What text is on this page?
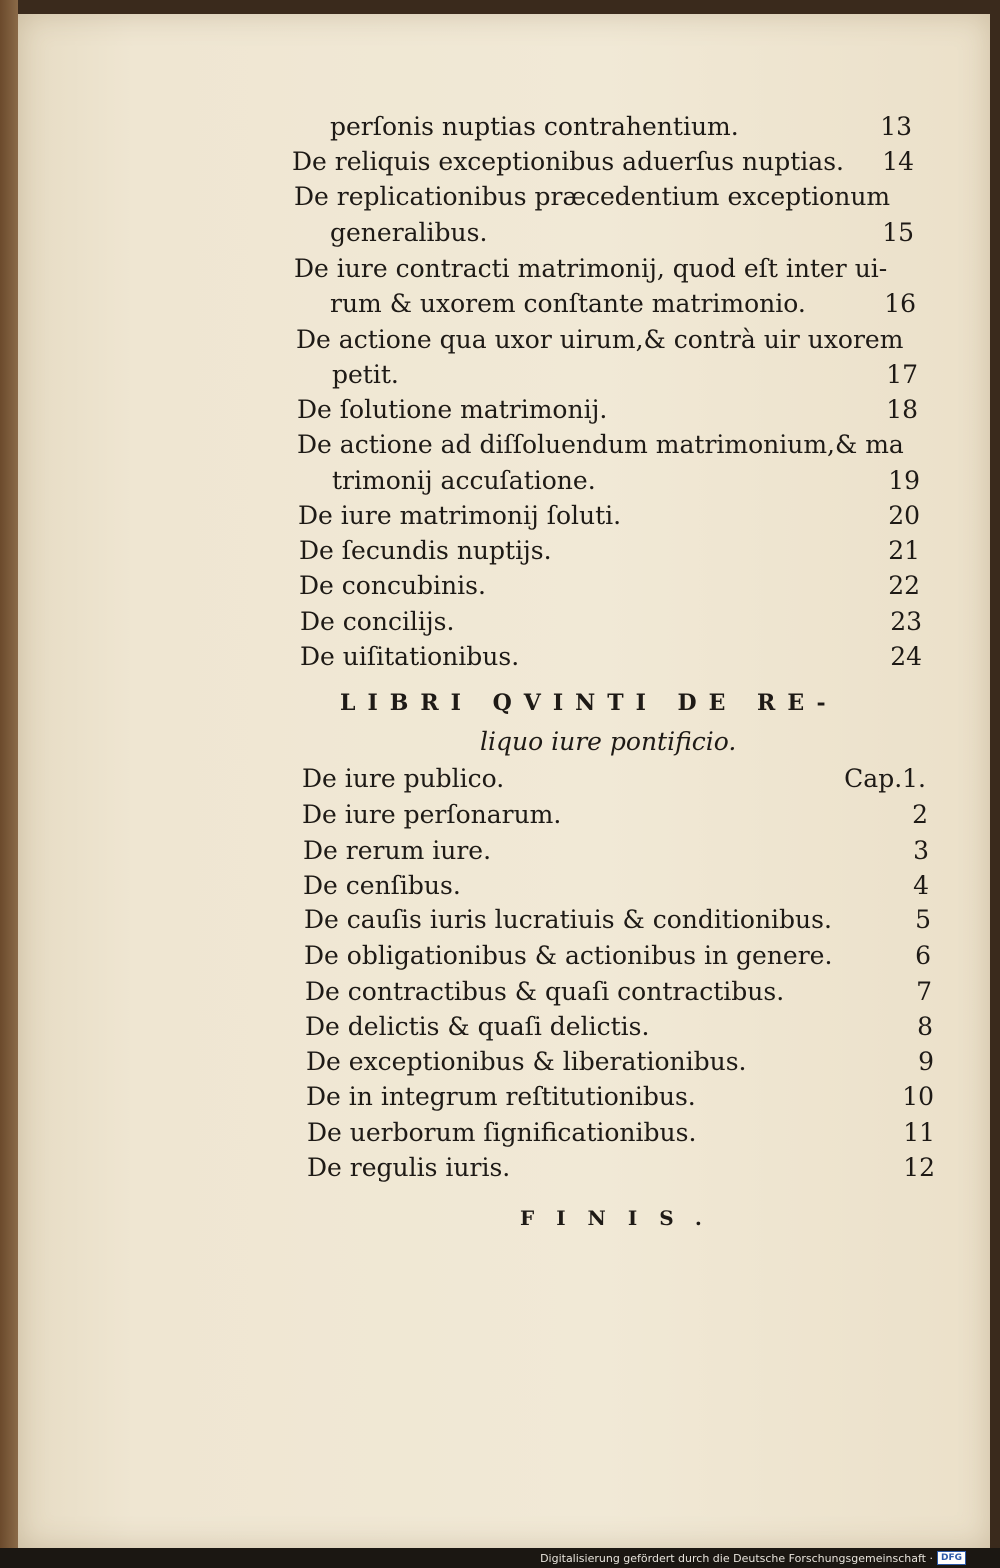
perſonis nuptias contrahentium.	13
De reliquis exceptionibus aduerſus nuptias. 14
De replicationibus præcedentium exceptionum
generalibus.	15
De iure contracti matrimonij, quod eſt inter ui-
rum & uxorem conſtante matrimonio.	16
De actione qua uxor uirum,& contrà uir uxorem
petit.	17
De ſolutione matrimonij.	18
De actione ad diſſoluendum matrimonium,& ma
trimonij accuſatione.	19
De iure matrimonij ſoluti.	20
De ſecundis nuptijs.	21
De concubinis.	22
De concilijs.	23
De uiſitationibus.	24
LIBRI QVINTI DE RE-
liquo iure pontificio.
De iure publico.	Cap.1.
De iure perſonarum.	2
De rerum iure.	3
De cenſibus.	4
De cauſis iuris lucratiuis & conditionibus.	5
De obligationibus & actionibus in genere.	6
De contractibus & quaſi contractibus.	7
De delictis & quaſi delictis.	8
De exceptionibus & liberationibus.	9
De in integrum reſtitutionibus.	10
De uerborum ſignificationibus.	11
De regulis iuris.	12
FINIS.
Digitalisierung gefördert durch die Deutsche Forschungsgemeinschaft · DFG
